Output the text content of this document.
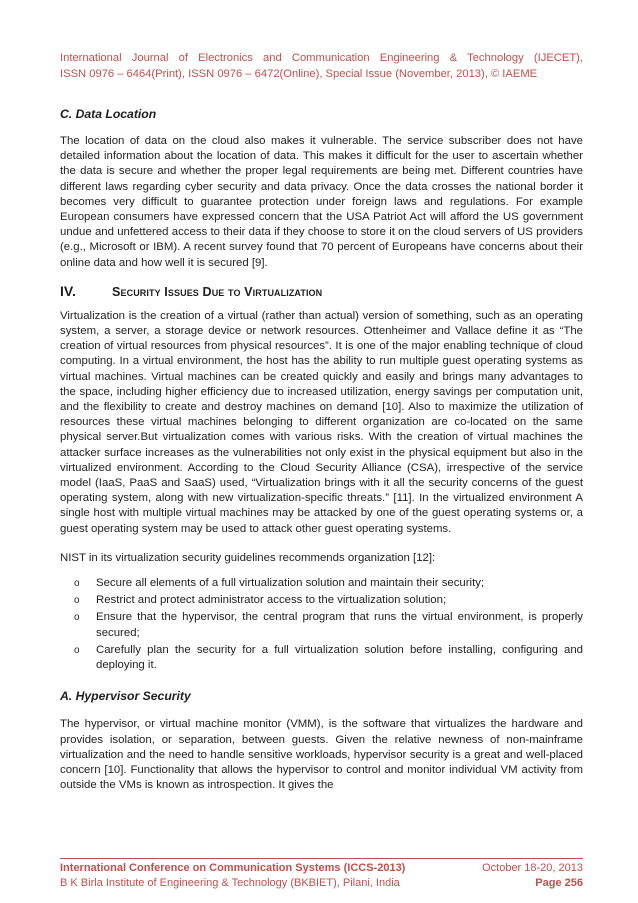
International Journal of Electronics and Communication Engineering & Technology (IJECET),
ISSN 0976 – 6464(Print), ISSN 0976 – 6472(Online), Special Issue (November, 2013), © IAEME
C. Data Location

The location of data on the cloud also makes it vulnerable. The service subscriber does not have detailed information about the location of data. This makes it difficult for the user to ascertain whether the data is secure and whether the proper legal requirements are being met. Different countries have different laws regarding cyber security and data privacy. Once the data crosses the national border it becomes very difficult to guarantee protection under foreign laws and regulations. For example European consumers have expressed concern that the USA Patriot Act will afford the US government undue and unfettered access to their data if they choose to store it on the cloud servers of US providers (e.g., Microsoft or IBM). A recent survey found that 70 percent of Europeans have concerns about their online data and how well it is secured [9].

IV.	Security Issues Due to Virtualization

Virtualization is the creation of a virtual (rather than actual) version of something, such as an operating system, a server, a storage device or network resources. Ottenheimer and Vallace define it as “The creation of virtual resources from physical resources”. It is one of the major enabling technique of cloud computing. In a virtual environment, the host has the ability to run multiple guest operating systems as virtual machines. Virtual machines can be created quickly and easily and brings many advantages to the space, including higher efficiency due to increased utilization, energy savings per computation unit, and the flexibility to create and destroy machines on demand [10]. Also to maximize the utilization of resources these virtual machines belonging to different organization are co-located on the same physical server.But virtualization comes with various risks. With the creation of virtual machines the attacker surface increases as the vulnerabilities not only exist in the physical equipment but also in the virtualized environment. According to the Cloud Security Alliance (CSA), irrespective of the service model (IaaS, PaaS and SaaS) used, “Virtualization brings with it all the security concerns of the guest operating system, along with new virtualization-specific threats.” [11]. In the virtualized environment A single host with multiple virtual machines may be attacked by one of the guest operating systems or, a guest operating system may be used to attack other guest operating systems.

NIST in its virtualization security guidelines recommends organization [12]:

o	Secure all elements of a full virtualization solution and maintain their security;
o	Restrict and protect administrator access to the virtualization solution;
o	Ensure that the hypervisor, the central program that runs the virtual environment, is properly secured;
o	Carefully plan the security for a full virtualization solution before installing, configuring and deploying it.
A. Hypervisor Security

The hypervisor, or virtual machine monitor (VMM), is the software that virtualizes the hardware and provides isolation, or separation, between guests. Given the relative newness of non-mainframe virtualization and the need to handle sensitive workloads, hypervisor security is a great and well-placed concern [10]. Functionality that allows the hypervisor to control and monitor individual VM activity from outside the VMs is known as introspection. It gives the

International Conference on Communication Systems (ICCS-2013)	October 18-20, 2013
B K Birla Institute of Engineering & Technology (BKBIET), Pilani, India	Page 256
